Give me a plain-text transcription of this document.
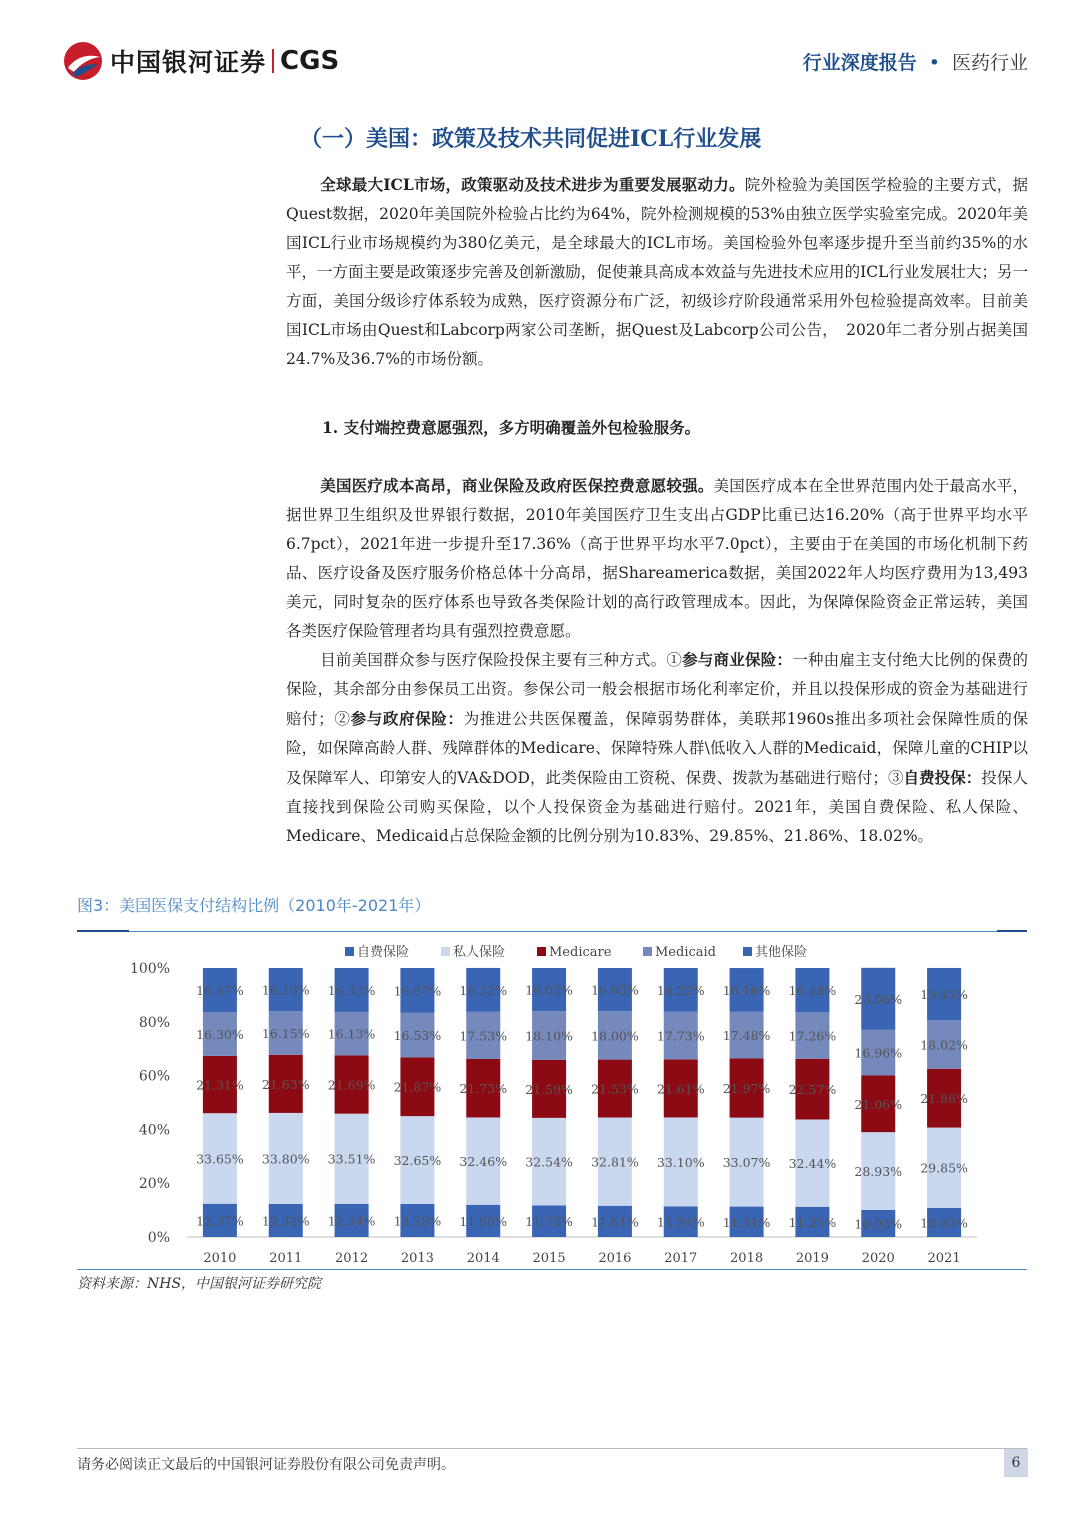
中国银河证券 CGS	行业深度报告 • 医药行业
（一）美国：政策及技术共同促进ICL行业发展
全球最大ICL市场，政策驱动及技术进步为重要发展驱动力。院外检验为美国医学检验的主要方式，据Quest数据，2020年美国院外检验占比约为64%，院外检测规模的53%由独立医学实验室完成。2020年美国ICL行业市场规模约为380亿美元，是全球最大的ICL市场。美国检验外包率逐步提升至当前约35%的水平，一方面主要是政策逐步完善及创新激励，促使兼具高成本效益与先进技术应用的ICL行业发展壮大；另一方面，美国分级诊疗体系较为成熟，医疗资源分布广泛，初级诊疗阶段通常采用外包检验提高效率。目前美国ICL市场由Quest和Labcorp两家公司垄断，据Quest及Labcorp公司公告，　2020年二者分别占据美国24.7%及36.7%的市场份额。
1. 支付端控费意愿强烈，多方明确覆盖外包检验服务。
美国医疗成本高昂，商业保险及政府医保控费意愿较强。美国医疗成本在全世界范围内处于最高水平，据世界卫生组织及世界银行数据，2010年美国医疗卫生支出占GDP比重已达16.20%（高于世界平均水平6.7pct），2021年进一步提升至17.36%（高于世界平均水平7.0pct），主要由于在美国的市场化机制下药品、医疗设备及医疗服务价格总体十分高昂，据Shareamerica数据，美国2022年人均医疗费用为13,493美元，同时复杂的医疗体系也导致各类保险计划的高行政管理成本。因此，为保障保险资金正常运转，美国各类医疗保险管理者均具有强烈控费意愿。
目前美国群众参与医疗保险投保主要有三种方式。①参与商业保险：一种由雇主支付绝大比例的保费的保险，其余部分由参保员工出资。参保公司一般会根据市场化利率定价，并且以投保形成的资金为基础进行赔付；②参与政府保险：为推进公共医保覆盖，保障弱势群体，美联邦1960s推出多项社会保障性质的保险，如保障高龄人群、残障群体的Medicare、保障特殊人群\低收入人群的Medicaid，保障儿童的CHIP以及保障军人、印第安人的VA&DOD，此类保险由工资税、保费、拨款为基础进行赔付；③自费投保：投保人直接找到保险公司购买保险，以个人投保资金为基础进行赔付。2021年，美国自费保险、私人保险、Medicare、Medicaid占总保险金额的比例分别为10.83%、29.85%、21.86%、18.02%。
图3：美国医保支付结构比例（2010年-2021年）
0%
20%
40%
60%
80%
100%
自费保险	私人保险	Medicare	Medicaid	其他保险
12.37%
33.65%
21.31%
16.30%
16.37%
2010
12.32%
33.80%
21.63%
16.15%
16.10%
2011
12.34%
33.51%
21.69%
16.13%
16.33%
2012
12.28%
32.65%
21.87%
16.53%
16.67%
2013
11.98%
32.46%
21.73%
17.53%
16.32%
2014
11.75%
32.54%
21.59%
18.10%
16.02%
2015
11.61%
32.81%
21.53%
18.00%
16.05%
2016
11.34%
33.10%
21.61%
17.73%
16.22%
2017
11.31%
33.07%
21.97%
17.48%
16.16%
2018
11.25%
32.44%
22.57%
17.26%
16.48%
2019
10.05%
28.93%
21.06%
16.96%
23.06%
2020
10.83%
29.85%
21.86%
18.02%
19.45%
2021
资料来源：NHS，中国银河证券研究院
请务必阅读正文最后的中国银河证券股份有限公司免责声明。	6
